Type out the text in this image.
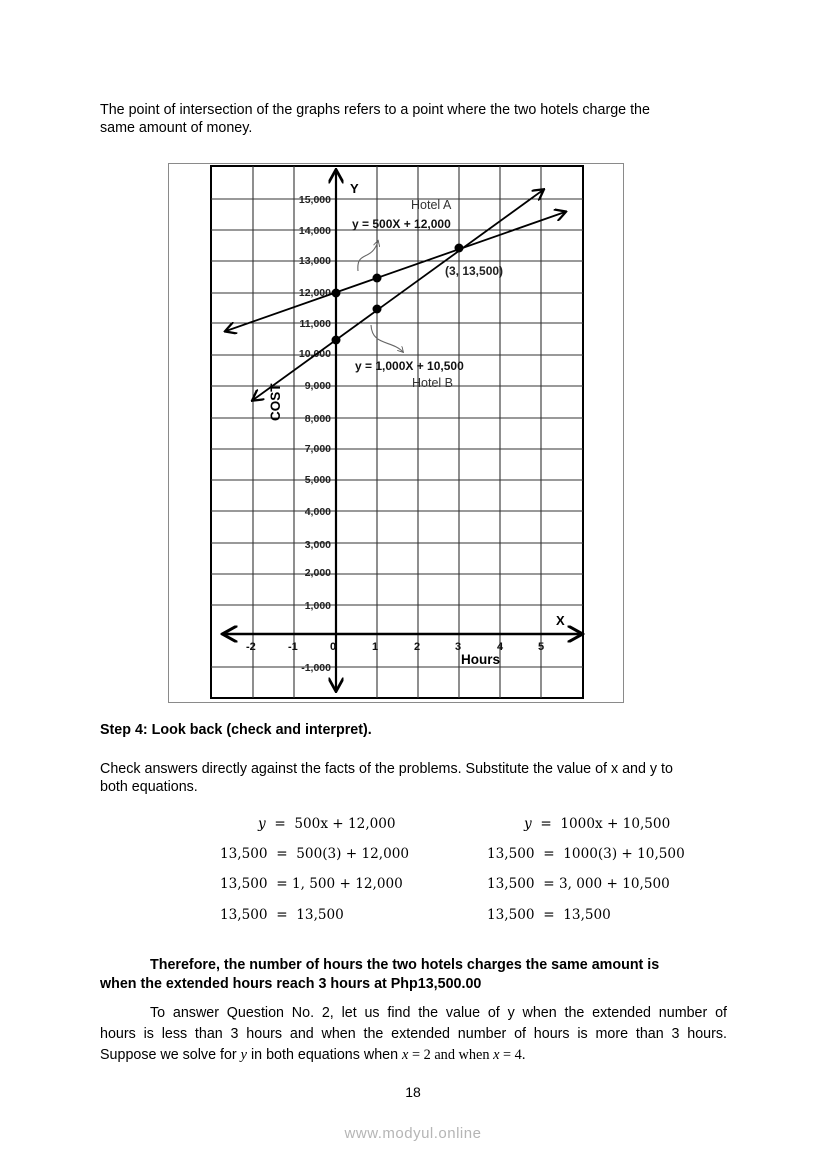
The point of intersection of the graphs refers to a point where the two hotels charge the

same amount of money.

15,000
14,000
13,000
12,000
11,000
10,000
9,000
8,000
7,000
5,000
4,000
3,000
2,000
1,000
-1,000
-2	-1	0	1	2	3	4	5
Y
X
Hours
COST
Hotel A
y = 500X + 12,000
(3, 13,500)
y = 1,000X + 10,500
Hotel B

Step 4: Look back (check and interpret).

Check answers directly against the facts of the problems. Substitute the value of x and y to

both equations.

y  =  500x + 12,000
13,500  =  500(3) + 12,000
13,500  = 1, 500 + 12,000
13,500  =  13,500
y  =  1000x + 10,500
13,500  =  1000(3) + 10,500
13,500  = 3, 000 + 10,500
13,500  =  13,500

Therefore, the number of hours the two hotels charges the same amount is

when the extended hours reach 3 hours at Php13,500.00

To answer Question No. 2, let us find the value of y when the extended number of

hours is less than 3 hours and when the extended number of hours is more than 3 hours.

Suppose we solve for y in both equations when x = 2 and when x = 4.

18
www.modyul.online
